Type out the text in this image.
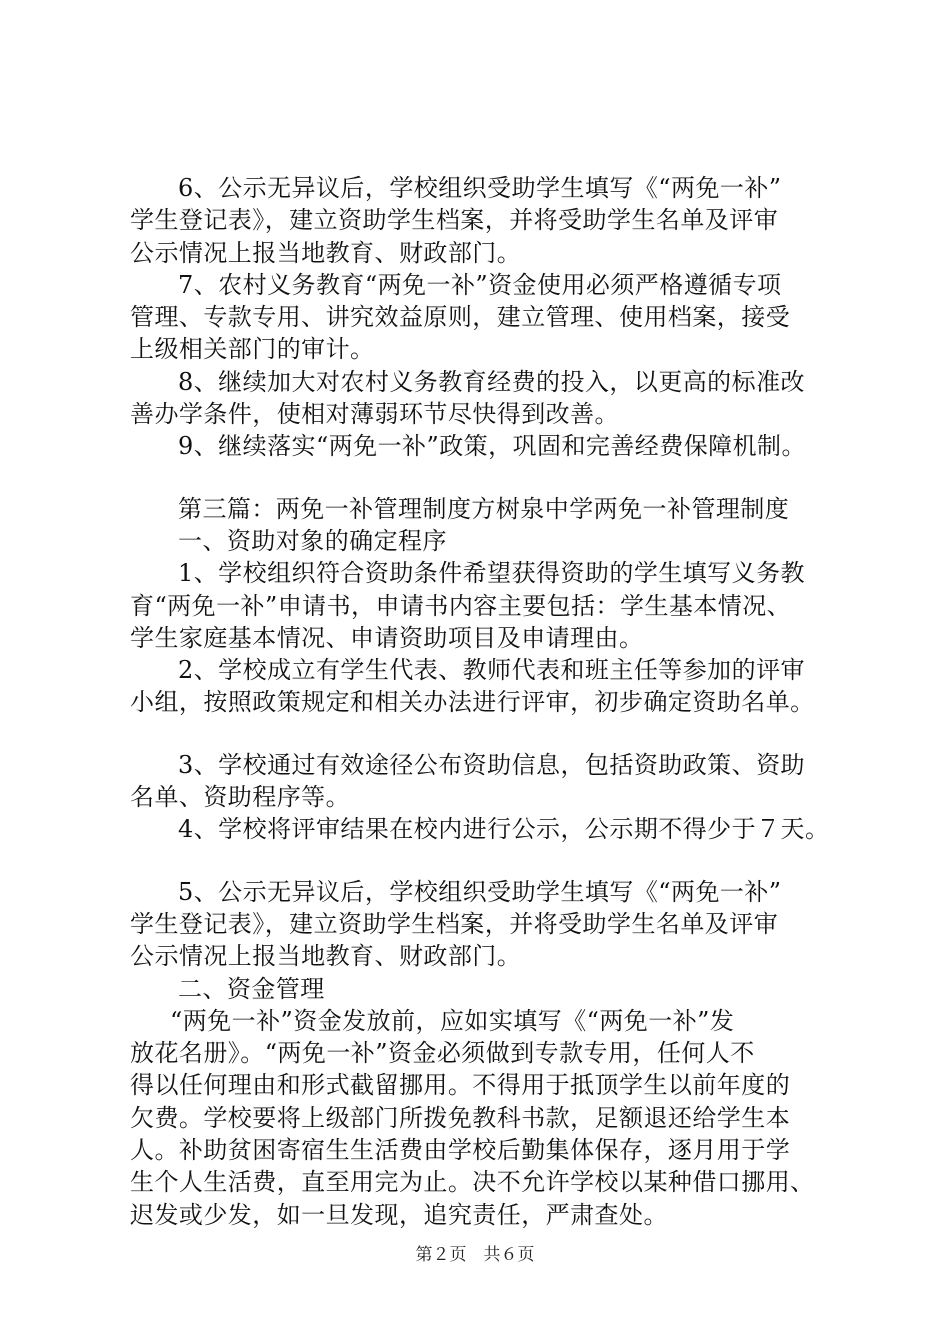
6、公示无异议后，学校组织受助学生填写《“两免一补”
学生登记表》，建立资助学生档案，并将受助学生名单及评审
公示情况上报当地教育、财政部门。
7、农村义务教育“两免一补”资金使用必须严格遵循专项
管理、专款专用、讲究效益原则，建立管理、使用档案，接受
上级相关部门的审计。
8、继续加大对农村义务教育经费的投入，以更高的标准改
善办学条件，使相对薄弱环节尽快得到改善。
9、继续落实“两免一补”政策，巩固和完善经费保障机制。
第三篇：两免一补管理制度方树泉中学两免一补管理制度
一、资助对象的确定程序
1、学校组织符合资助条件希望获得资助的学生填写义务教
育“两免一补”申请书，申请书内容主要包括：学生基本情况、
学生家庭基本情况、申请资助项目及申请理由。
2、学校成立有学生代表、教师代表和班主任等参加的评审
小组，按照政策规定和相关办法进行评审，初步确定资助名单。
3、学校通过有效途径公布资助信息，包括资助政策、资助
名单、资助程序等。
4、学校将评审结果在校内进行公示，公示期不得少于７天。
5、公示无异议后，学校组织受助学生填写《“两免一补”
学生登记表》，建立资助学生档案，并将受助学生名单及评审
公示情况上报当地教育、财政部门。
二、资金管理
“两免一补”资金发放前，应如实填写《“两免一补”发
放花名册》。“两免一补”资金必须做到专款专用，任何人不
得以任何理由和形式截留挪用。不得用于抵顶学生以前年度的
欠费。学校要将上级部门所拨免教科书款，足额退还给学生本
人。补助贫困寄宿生生活费由学校后勤集体保存，逐月用于学
生个人生活费，直至用完为止。决不允许学校以某种借口挪用、
迟发或少发，如一旦发现，追究责任，严肃查处。
第２页　共６页
